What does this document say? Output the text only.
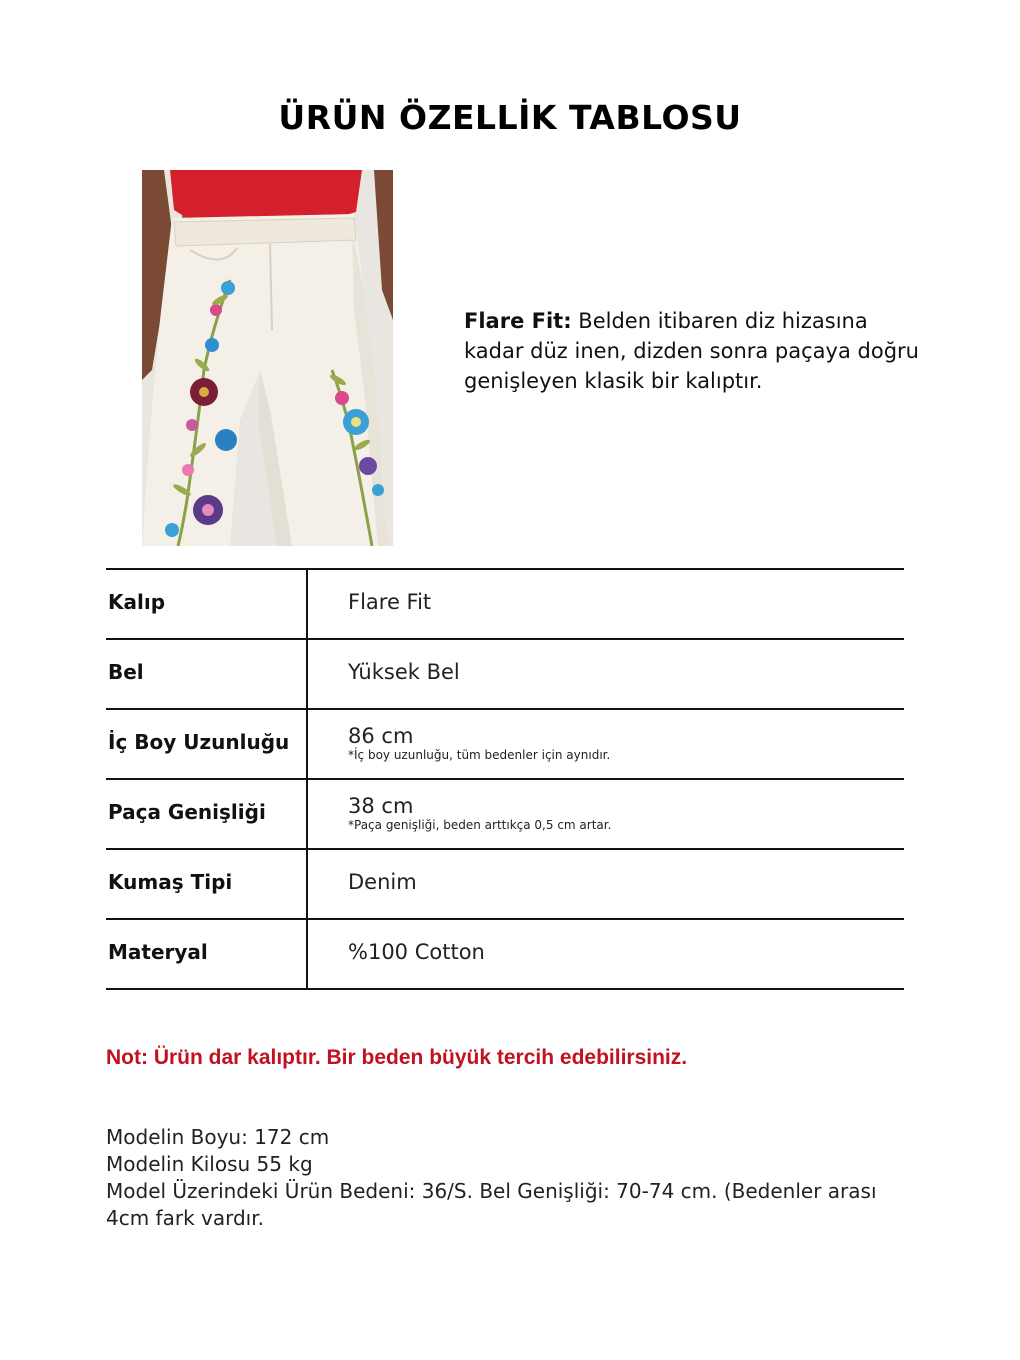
ÜRÜN ÖZELLİK TABLOSU
Flare Fit: Belden itibaren diz hizasına kadar düz inen, dizden sonra paçaya doğru genişleyen klasik bir kalıptır.
Kalıp	Flare Fit
Bel	Yüksek Bel
İç Boy Uzunluğu	86 cm
*İç boy uzunluğu, tüm bedenler için aynıdır.
Paça Genişliği	38 cm
*Paça genişliği, beden arttıkça 0,5 cm artar.
Kumaş Tipi	Denim
Materyal	%100 Cotton
Not: Ürün dar kalıptır. Bir beden büyük tercih edebilirsiniz.
Modelin Boyu: 172 cm
Modelin Kilosu 55 kg
Model Üzerindeki Ürün Bedeni: 36/S. Bel Genişliği: 70-74 cm. (Bedenler arası 4cm fark vardır.
